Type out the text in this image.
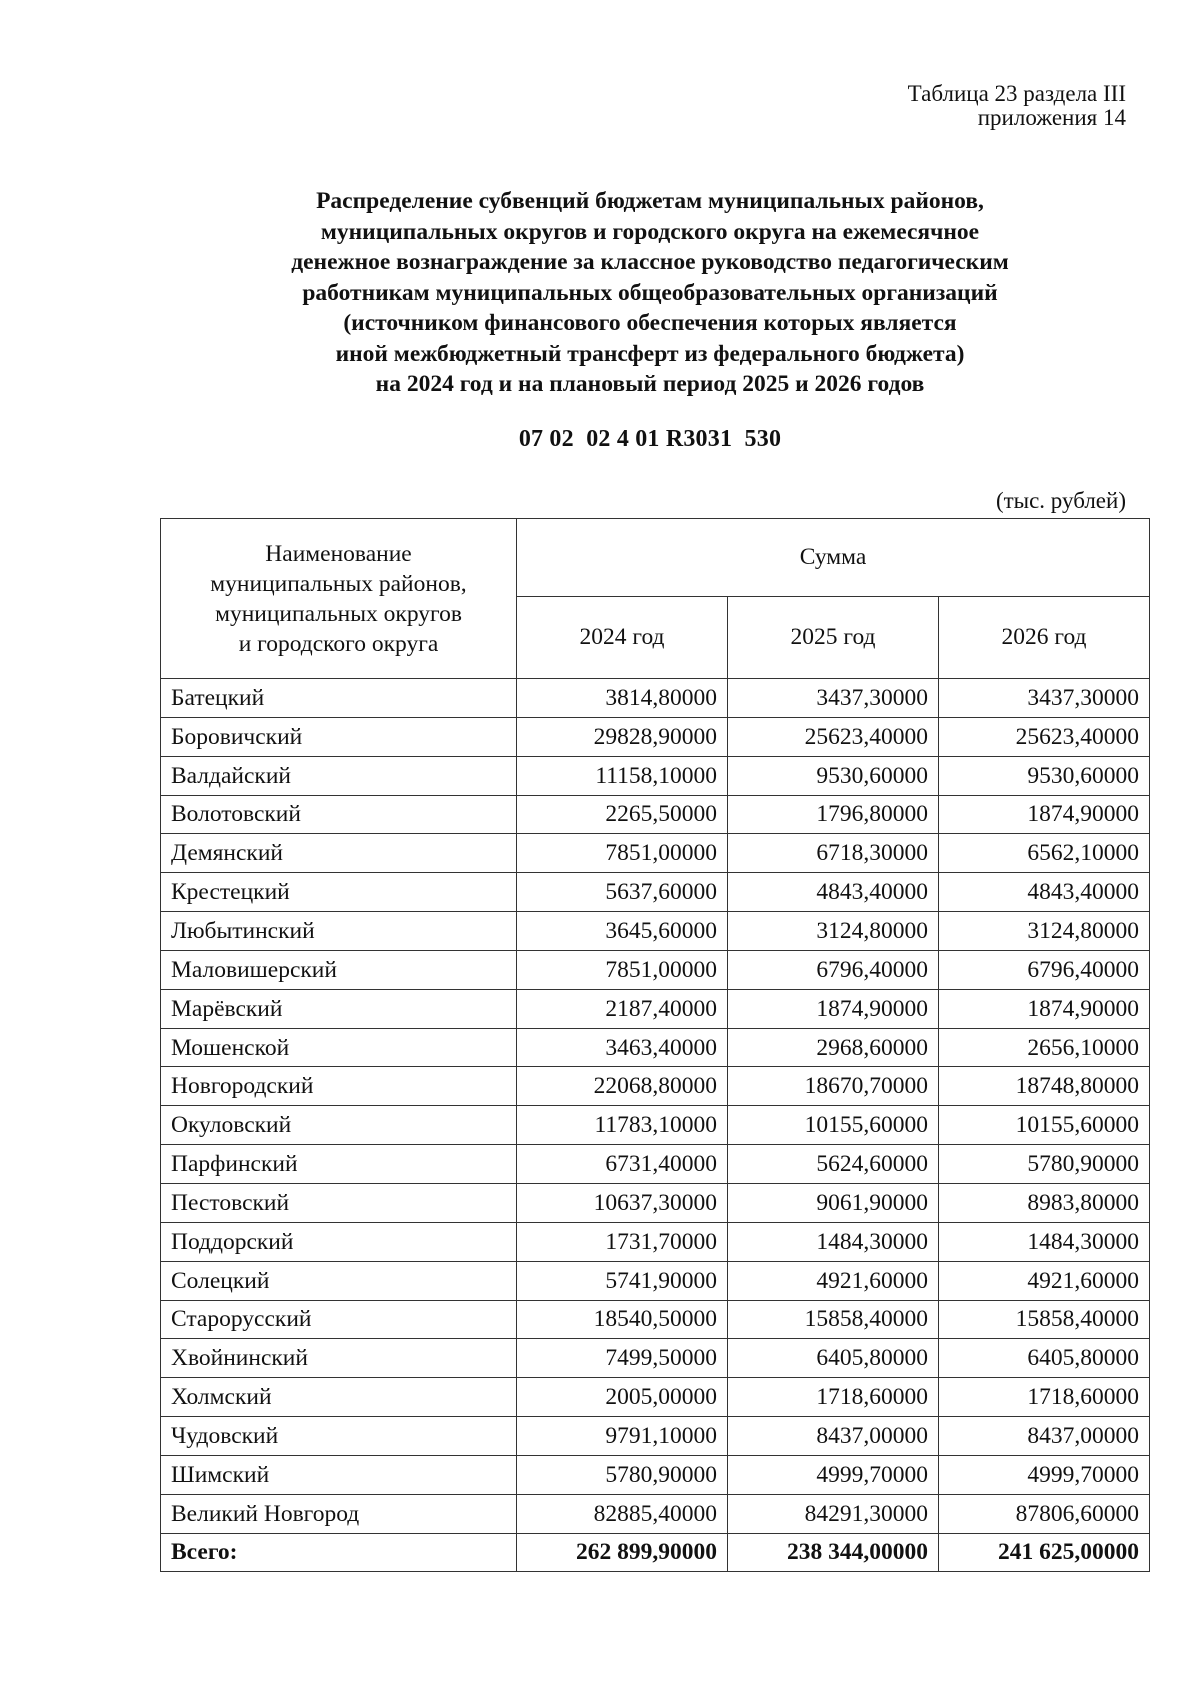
Таблица 23 раздела III
приложения 14
Распределение субвенций бюджетам муниципальных районов,
муниципальных округов и городского округа на ежемесячное
денежное вознаграждение за классное руководство педагогическим
работникам муниципальных общеобразовательных организаций
(источником финансового обеспечения которых является
иной межбюджетный трансферт из федерального бюджета)
на 2024 год и на плановый период 2025 и 2026 годов
07 02  02 4 01 R3031  530
(тыс. рублей)
Наименование
муниципальных районов,
муниципальных округов
и городского округа	Сумма		
	2024 год	2025 год	2026 год
Батецкий	3814,80000	3437,30000	3437,30000
Боровичский	29828,90000	25623,40000	25623,40000
Валдайский	11158,10000	9530,60000	9530,60000
Волотовский	2265,50000	1796,80000	1874,90000
Демянский	7851,00000	6718,30000	6562,10000
Крестецкий	5637,60000	4843,40000	4843,40000
Любытинский	3645,60000	3124,80000	3124,80000
Маловишерский	7851,00000	6796,40000	6796,40000
Марёвский	2187,40000	1874,90000	1874,90000
Мошенской	3463,40000	2968,60000	2656,10000
Новгородский	22068,80000	18670,70000	18748,80000
Окуловский	11783,10000	10155,60000	10155,60000
Парфинский	6731,40000	5624,60000	5780,90000
Пестовский	10637,30000	9061,90000	8983,80000
Поддорский	1731,70000	1484,30000	1484,30000
Солецкий	5741,90000	4921,60000	4921,60000
Старорусский	18540,50000	15858,40000	15858,40000
Хвойнинский	7499,50000	6405,80000	6405,80000
Холмский	2005,00000	1718,60000	1718,60000
Чудовский	9791,10000	8437,00000	8437,00000
Шимский	5780,90000	4999,70000	4999,70000
Великий Новгород	82885,40000	84291,30000	87806,60000
Всего:	262 899,90000	238 344,00000	241 625,00000
